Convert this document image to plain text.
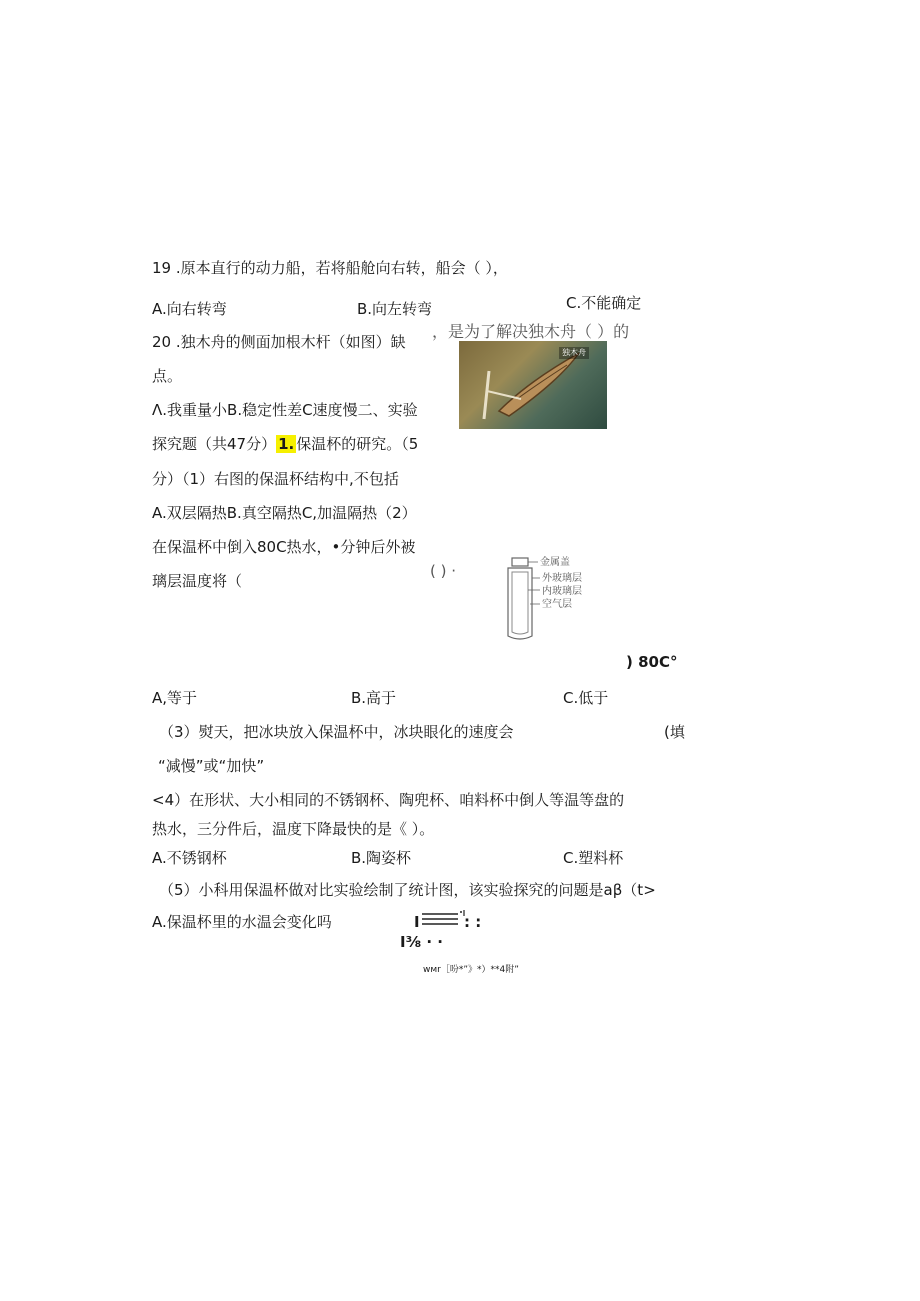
19 .原本直行的动力船，若将船舱向右转，船会（ ），
A.向右转弯	B.向左转弯	C.不能确定
20 .独木舟的侧面加根木杆（如图）缺
，是为了解决独木舟（ ）的
点。
独木舟
Λ.我重量小B.稳定性差C速度慢二、实验
探究题（共47分） 1. 保温杯的研究。（5
分）（1）右图的保温杯结构中,不包括
A.双层隔热B.真空隔热C,加温隔热（2）
在保温杯中倒入80C热水，•分钟后外被
璃层温度将（
( ) ·	金属盖
外玻璃层
内玻璃层
空气层
) 80C°
A,等于	B.高于	C.低于
（3）熨天，把冰块放入保温杯中，冰块眼化的速度会	(填
“减慢”或“加快”
<4）在形状、大小相同的不锈钢杯、陶兜杯、咱料杯中倒人等温等盘的
热水，三分件后，温度下降最快的是《 ）。
A.不锈钢杯	B.陶姿杯	C.塑料杯
（5）小科用保温杯做对比实验绘制了统计图，该实验探究的问题是aβ（t>
A.保温杯里的水温会变化吗	I	: :
I⅜ · ·
wмr［吩*”》*）**4附”
